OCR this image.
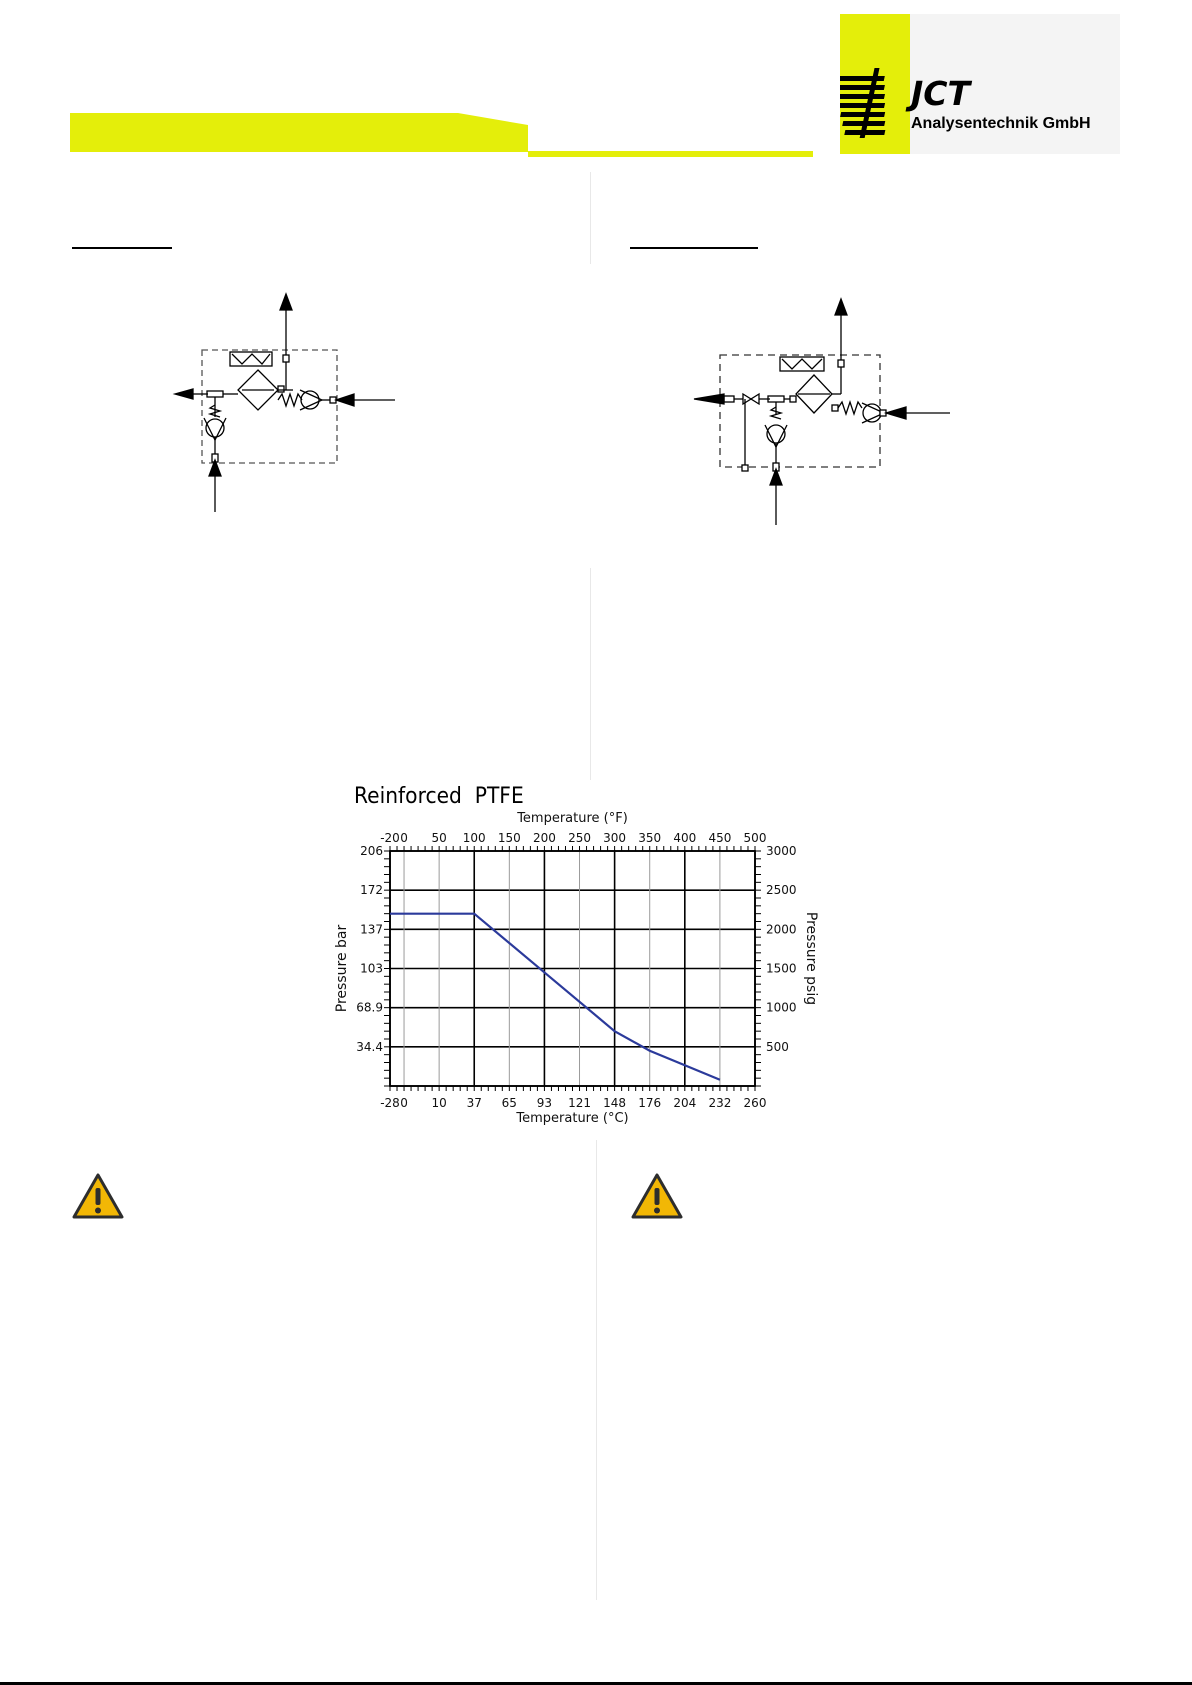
JCT
Analysentechnik GmbH
Reinforced  PTFE
-20 0 50 100 150 200 250 300 350 400 450 500
-28 0 10 37 65 93 121 148 176 204 232 260
206
172
137
103
68.9
34.4
3000
2500
2000
1500
1000
500
Temperature (°F)
Temperature (°C)
Pressure bar	Pressure psig
